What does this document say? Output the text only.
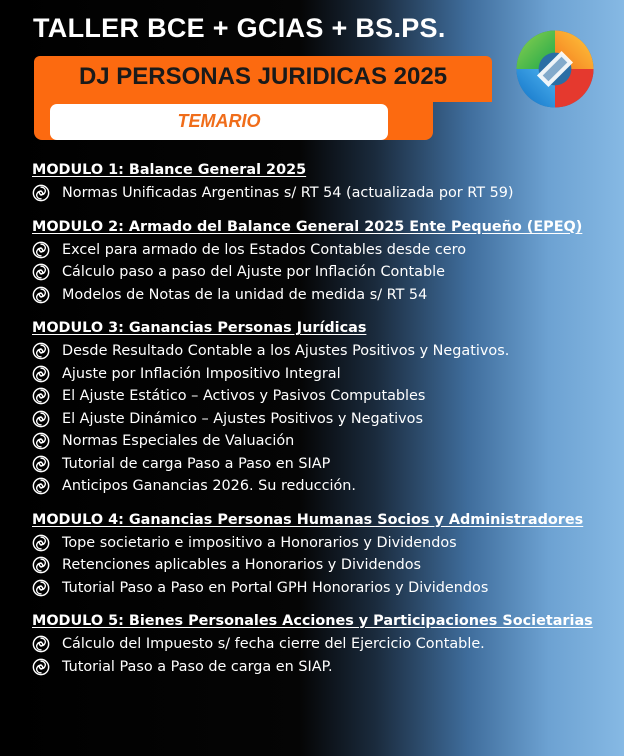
TALLER BCE + GCIAS + BS.PS.
DJ PERSONAS JURIDICAS 2025
TEMARIO
MODULO 1: Balance General 2025
Normas Unificadas Argentinas s/ RT 54 (actualizada por RT 59)
MODULO 2: Armado del Balance General 2025 Ente Pequeño (EPEQ)
Excel para armado de los Estados Contables desde cero
Cálculo paso a paso del Ajuste por Inflación Contable
Modelos de Notas de la unidad de medida s/ RT 54
MODULO 3: Ganancias Personas Jurídicas
Desde Resultado Contable a los Ajustes Positivos y Negativos.
Ajuste por Inflación Impositivo Integral
El Ajuste Estático – Activos y Pasivos Computables
El Ajuste Dinámico – Ajustes Positivos y Negativos
Normas Especiales de Valuación
Tutorial de carga Paso a Paso en SIAP
Anticipos Ganancias 2026. Su reducción.
MODULO 4: Ganancias Personas Humanas Socios y Administradores
Tope societario e impositivo a Honorarios y Dividendos
Retenciones aplicables a Honorarios y Dividendos
Tutorial Paso a Paso en Portal GPH Honorarios y Dividendos
MODULO 5: Bienes Personales Acciones y Participaciones Societarias
Cálculo del Impuesto s/ fecha cierre del Ejercicio Contable.
Tutorial Paso a Paso de carga en SIAP.
